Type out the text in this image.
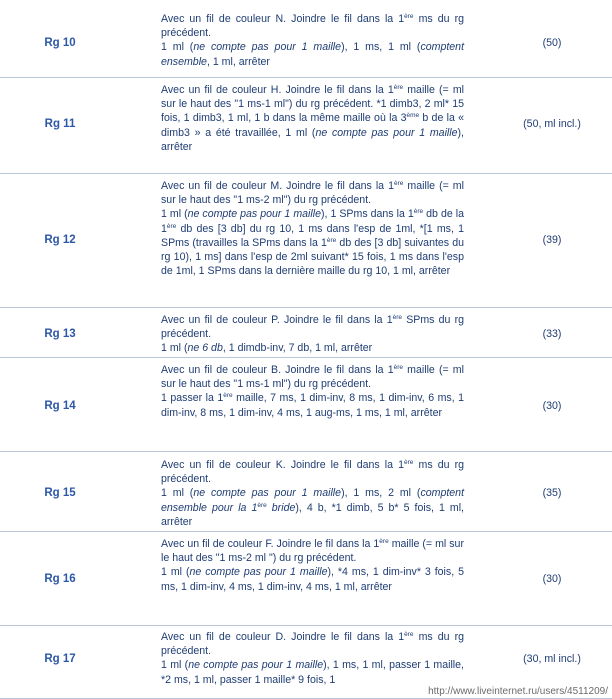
Rg 10

Avec un fil de couleur N. Joindre le fil dans la 1ère ms du rg précédent.

1 ml (ne compte pas pour 1 maille), 1 ms, 1 ml (comptent ensemble, 1 ml, arrêter

(50)
Rg 11

Avec un fil de couleur H. Joindre le fil dans la 1ère maille (= ml sur le haut des "1 ms-1 ml") du rg précédent. *1 dimb3, 2 ml* 15 fois, 1 dimb3, 1 ml, 1 b dans la même maille où la 3ème b de la « dimb3 » a été travaillée, 1 ml (ne compte pas pour 1 maille), arrêter

(50, ml incl.)
Rg 12

Avec un fil de couleur M. Joindre le fil dans la 1ère maille (= ml sur le haut des "1 ms-2 ml") du rg précédent.

1 ml (ne compte pas pour 1 maille), 1 SPms dans la 1ère db de la 1ère db des [3 db] du rg 10, 1 ms dans l'esp de 1ml, *[1 ms, 1 SPms (travailles la SPms dans la 1ère db des [3 db] suivantes du rg 10), 1 ms] dans l'esp de 2ml suivant* 15 fois, 1 ms dans l'esp de 1ml, 1 SPms dans la dernière maille du rg 10, 1 ml, arrêter

(39)
Rg 13

Avec un fil de couleur P. Joindre le fil dans la 1ère SPms du rg précédent.

1 ml (ne 6 db, 1 dimdb-inv, 7 db, 1 ml, arrêter

(33)
Rg 14

Avec un fil de couleur B. Joindre le fil dans la 1ère maille (= ml sur le haut des "1 ms-1 ml") du rg précédent.

1 passer la 1ère maille, 7 ms, 1 dim-inv, 8 ms, 1 dim-inv, 6 ms, 1 dim-inv, 8 ms, 1 dim-inv, 4 ms, 1 aug-ms, 1 ms, 1 ml, arrêter

(30)
Rg 15

Avec un fil de couleur K. Joindre le fil dans la 1ère ms du rg précédent.

1 ml (ne compte pas pour 1 maille), 1 ms, 2 ml (comptent ensemble pour la 1ère bride), 4 b, *1 dimb, 5 b* 5 fois, 1 ml, arrêter

(35)
Rg 16

Avec un fil de couleur F. Joindre le fil dans la 1ère maille (= ml sur le haut des "1 ms-2 ml ") du rg précédent.

1 ml (ne compte pas pour 1 maille), *4 ms, 1 dim-inv* 3 fois, 5 ms, 1 dim-inv, 4 ms, 1 dim-inv, 4 ms, 1 ml, arrêter

(30)
Rg 17

Avec un fil de couleur D. Joindre le fil dans la 1ère ms du rg précédent.

1 ml (ne compte pas pour 1 maille), 1 ms, 1 ml, passer 1 maille, *2 ms, 1 ml, passer 1 maille* 9 fois, 1

(30, ml incl.)
http://www.liveinternet.ru/users/4511209/
